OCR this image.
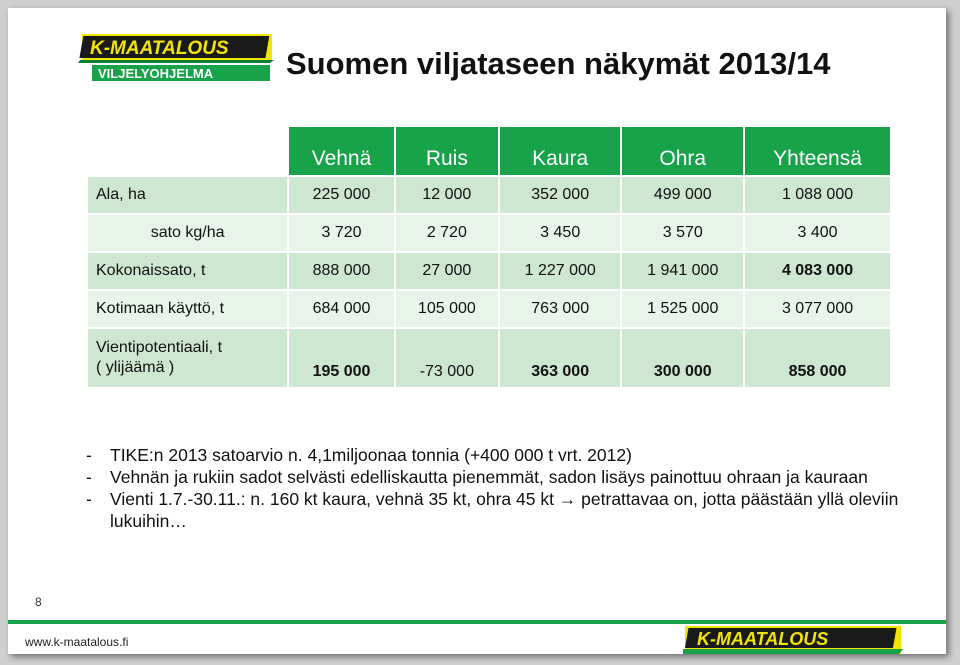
K-MAATALOUS
VILJELYOHJELMA Suomen viljataseen näkymät 2013/14
	Vehnä	Ruis	Kaura	Ohra	Yhteensä
Ala, ha	225 000	12 000	352 000	499 000	1 088 000
sato kg/ha	3 720	2 720	3 450	3 570	3 400
Kokonaissato, t	888 000	27 000	1 227 000	1 941 000	4 083 000
Kotimaan käyttö, t	684 000	105 000	763 000	1 525 000	3 077 000

Vientipotentiaali, t
( ylijäämä )	195 000	-73 000	363 000	300 000	858 000
- TIKE:n 2013 satoarvio n. 4,1miljoonaa tonnia (+400 000 t vrt. 2012)
- Vehnän ja rukiin sadot selvästi edelliskautta pienemmät, sadon lisäys painottuu ohraan ja kauraan
- Vienti 1.7.-30.11.: n. 160 kt kaura, vehnä 35 kt, ohra 45 kt → petrattavaa on, jotta päästään yllä oleviin lukuihin…
8
www.k-maatalous.fi	K-MAATALOUS
